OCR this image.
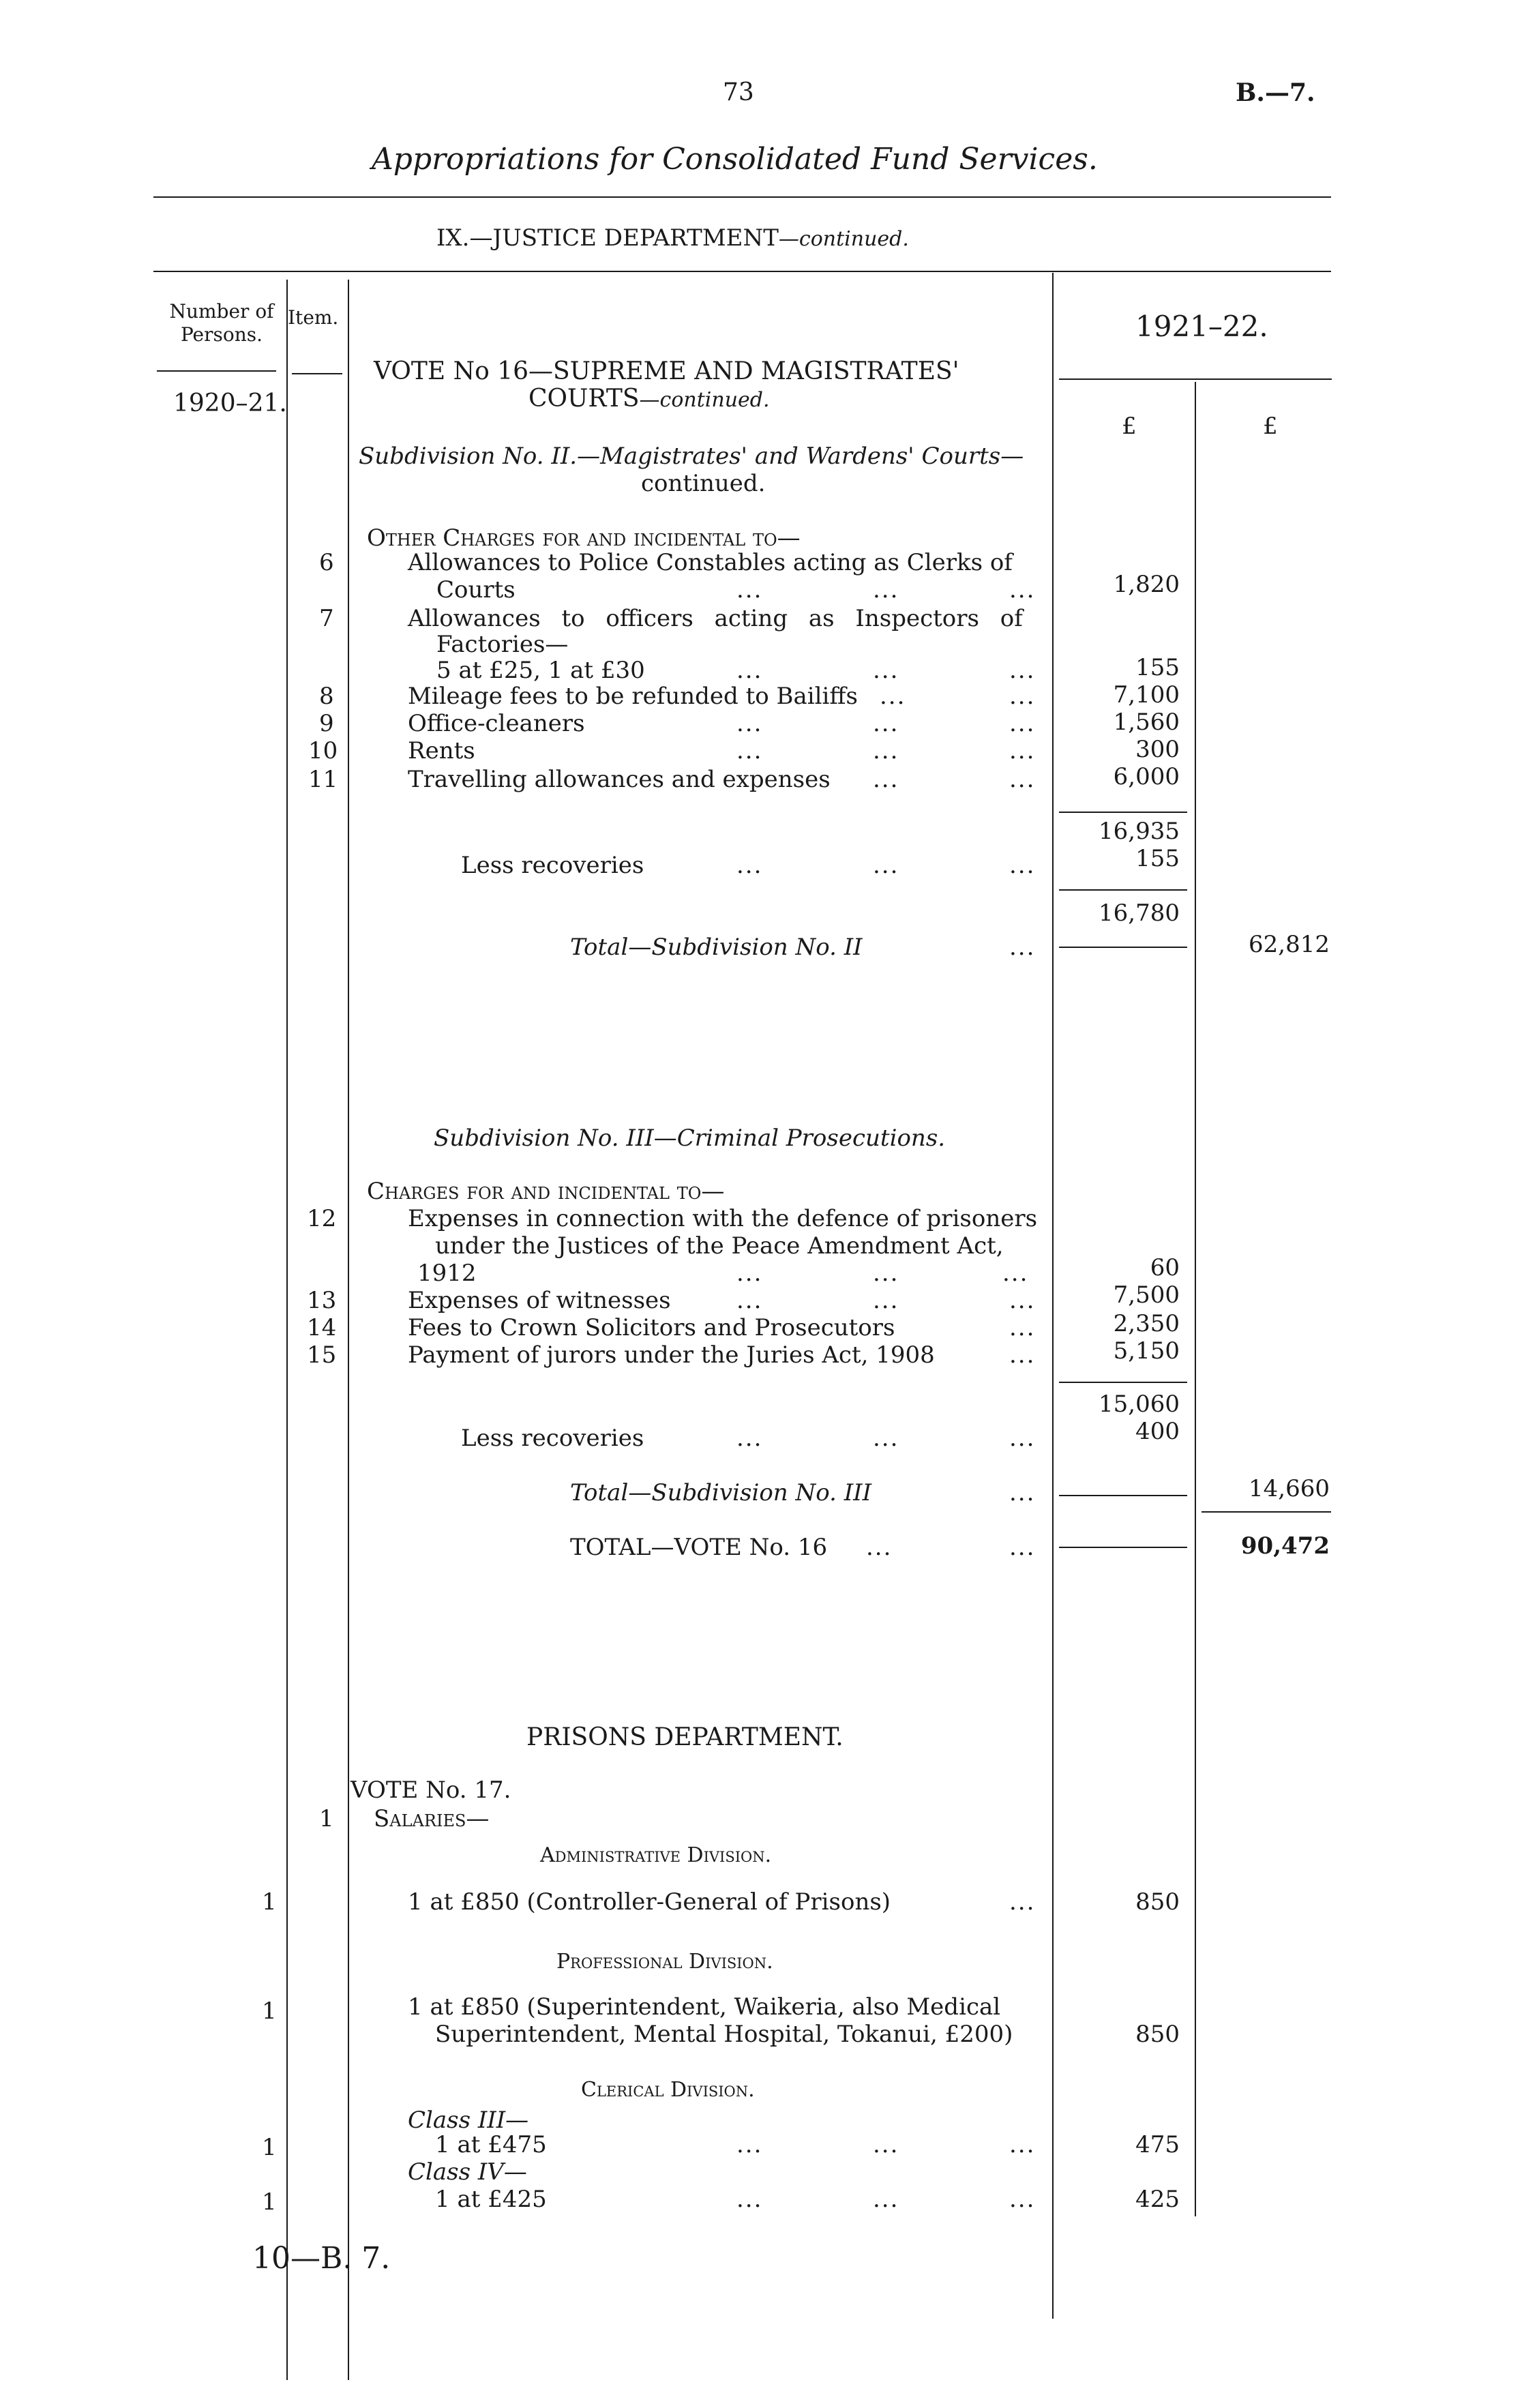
73	B.—7.
Appropriations for Consolidated Fund Services.
IX.—JUSTICE DEPARTMENT—continued.
Number of Persons.
Item.	1921–22.
1920–21.
£	£
VOTE No 16—SUPREME AND MAGISTRATES'
COURTS—continued.
Subdivision No. II.—Magistrates' and Wardens' Courts—
continued.
Other Charges for and incidental to—
6	Allowances to Police Constables acting as Clerks of
Courts	...	...	...	1,820
7	Allowances to officers acting as Inspectors of
Factories—
5 at £25, 1 at £30	...	...	...	155
8	Mileage fees to be refunded to Bailiffs ...	...	7,100
9	Office-cleaners	...	...	...	1,560
10	Rents	...	...	...	300
11	Travelling allowances and expenses ...	...	6,000
16,935
Less recoveries	...	...	...	155
16,780
Total—Subdivision No. II	...	62,812
Subdivision No. III—Criminal Prosecutions.
Charges for and incidental to—
12	Expenses in connection with the defence of prisoners
under the Justices of the Peace Amendment Act,
1912	...	...	...	60
13	Expenses of witnesses	...	...	...	7,500
14	Fees to Crown Solicitors and Prosecutors	...	2,350
15	Payment of jurors under the Juries Act, 1908	...	5,150
15,060
Less recoveries	...	...	...	400
Total—Subdivision No. III	...	14,660
TOTAL—VOTE No. 16 ...	...	90,472
PRISONS DEPARTMENT.
VOTE No. 17.
1 Salaries—
Administrative Division.
1	1 at £850 (Controller-General of Prisons)	...	850
Professional Division.
1	1 at £850 (Superintendent, Waikeria, also Medical
Superintendent, Mental Hospital, Tokanui, £200)	850
Clerical Division.
Class III—
1	1 at £475	...	...	...	475
Class IV—
1	1 at £425	...	...	...	425
10—B. 7.
